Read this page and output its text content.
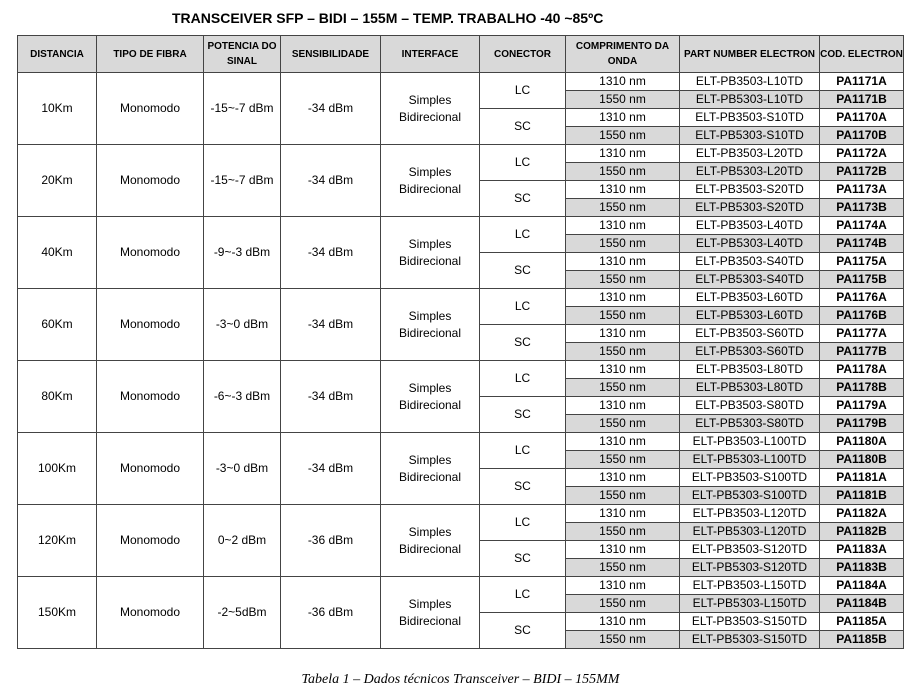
TRANSCEIVER SFP – BIDI – 155M – TEMP. TRABALHO -40 ~85ºC
DISTANCIA	TIPO DE FIBRA	POTENCIA DO SINAL	SENSIBILIDADE	INTERFACE	CONECTOR	COMPRIMENTO DA ONDA	PART NUMBER ELECTRON	COD. ELECTRON
10Km	Monomodo	-15~-7 dBm	-34 dBm	Simples Bidirecional	LC	1310 nm	ELT-PB3503-L10TD	PA1171A
						1550 nm	ELT-PB5303-L10TD	PA1171B
					SC	1310 nm	ELT-PB3503-S10TD	PA1170A
						1550 nm	ELT-PB5303-S10TD	PA1170B
20Km	Monomodo	-15~-7 dBm	-34 dBm	Simples Bidirecional	LC	1310 nm	ELT-PB3503-L20TD	PA1172A
						1550 nm	ELT-PB5303-L20TD	PA1172B
					SC	1310 nm	ELT-PB3503-S20TD	PA1173A
						1550 nm	ELT-PB5303-S20TD	PA1173B
40Km	Monomodo	-9~-3 dBm	-34 dBm	Simples Bidirecional	LC	1310 nm	ELT-PB3503-L40TD	PA1174A
						1550 nm	ELT-PB5303-L40TD	PA1174B
					SC	1310 nm	ELT-PB3503-S40TD	PA1175A
						1550 nm	ELT-PB5303-S40TD	PA1175B
60Km	Monomodo	-3~0 dBm	-34 dBm	Simples Bidirecional	LC	1310 nm	ELT-PB3503-L60TD	PA1176A
						1550 nm	ELT-PB5303-L60TD	PA1176B
					SC	1310 nm	ELT-PB3503-S60TD	PA1177A
						1550 nm	ELT-PB5303-S60TD	PA1177B
80Km	Monomodo	-6~-3 dBm	-34 dBm	Simples Bidirecional	LC	1310 nm	ELT-PB3503-L80TD	PA1178A
						1550 nm	ELT-PB5303-L80TD	PA1178B
					SC	1310 nm	ELT-PB3503-S80TD	PA1179A
						1550 nm	ELT-PB5303-S80TD	PA1179B
100Km	Monomodo	-3~0 dBm	-34 dBm	Simples Bidirecional	LC	1310 nm	ELT-PB3503-L100TD	PA1180A
						1550 nm	ELT-PB5303-L100TD	PA1180B
					SC	1310 nm	ELT-PB3503-S100TD	PA1181A
						1550 nm	ELT-PB5303-S100TD	PA1181B
120Km	Monomodo	0~2 dBm	-36 dBm	Simples Bidirecional	LC	1310 nm	ELT-PB3503-L120TD	PA1182A
						1550 nm	ELT-PB5303-L120TD	PA1182B
					SC	1310 nm	ELT-PB3503-S120TD	PA1183A
						1550 nm	ELT-PB5303-S120TD	PA1183B
150Km	Monomodo	-2~5dBm	-36 dBm	Simples Bidirecional	LC	1310 nm	ELT-PB3503-L150TD	PA1184A
						1550 nm	ELT-PB5303-L150TD	PA1184B
					SC	1310 nm	ELT-PB3503-S150TD	PA1185A
						1550 nm	ELT-PB5303-S150TD	PA1185B
Tabela 1 – Dados técnicos Transceiver – BIDI – 155MM
